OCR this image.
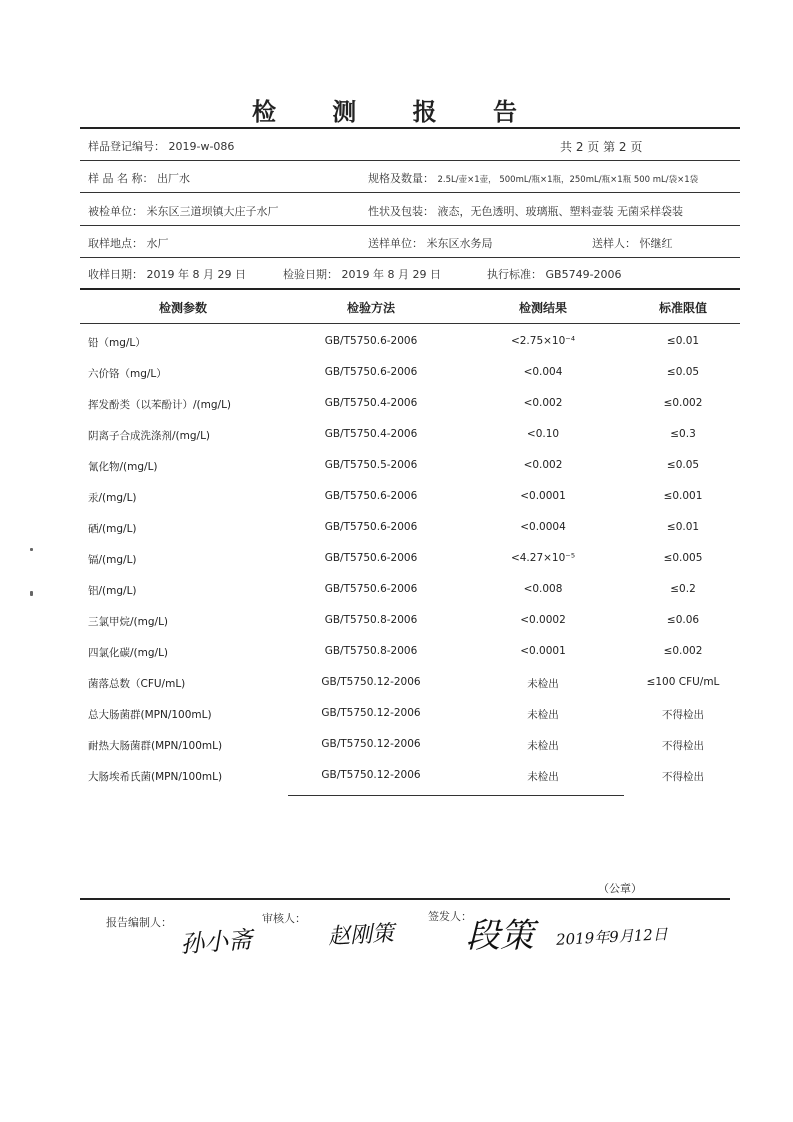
检 测 报 告
样品登记编号： 2019-w-086	共 2 页 第 2 页
样 品 名 称： 出厂水	规格及数量： 2.5L/壶×1壶， 500mL/瓶×1瓶，250mL/瓶×1瓶 500 mL/袋×1袋
被检单位： 米东区三道坝镇大庄子水厂	性状及包装： 液态，无色透明、玻璃瓶、塑料壶装 无菌采样袋装
取样地点： 水厂	送样单位： 米东区水务局	送样人： 怀继红
收样日期： 2019 年 8 月 29 日	检验日期： 2019 年 8 月 29 日	执行标准： GB5749-2006
检测参数	检验方法	检测结果	标准限值
铅（mg/L）	GB/T5750.6-2006	<2.75×10⁻⁴	≤0.01
六价铬（mg/L）	GB/T5750.6-2006	<0.004	≤0.05
挥发酚类（以苯酚计）/(mg/L)	GB/T5750.4-2006	<0.002	≤0.002
阴离子合成洗涤剂/(mg/L)	GB/T5750.4-2006	<0.10	≤0.3
氰化物/(mg/L)	GB/T5750.5-2006	<0.002	≤0.05
汞/(mg/L)	GB/T5750.6-2006	<0.0001	≤0.001
硒/(mg/L)	GB/T5750.6-2006	<0.0004	≤0.01
镉/(mg/L)	GB/T5750.6-2006	<4.27×10⁻⁵	≤0.005
铝/(mg/L)	GB/T5750.6-2006	<0.008	≤0.2
三氯甲烷/(mg/L)	GB/T5750.8-2006	<0.0002	≤0.06
四氯化碳/(mg/L)	GB/T5750.8-2006	<0.0001	≤0.002
菌落总数（CFU/mL)	GB/T5750.12-2006	未检出	≤100 CFU/mL
总大肠菌群(MPN/100mL)	GB/T5750.12-2006	未检出	不得检出
耐热大肠菌群(MPN/100mL)	GB/T5750.12-2006	未检出	不得检出
大肠埃希氏菌(MPN/100mL)	GB/T5750.12-2006	未检出	不得检出
（公章）
报告编制人：
孙小斋
审核人：
赵刚策
签发人：
段策 2019年9月12日
